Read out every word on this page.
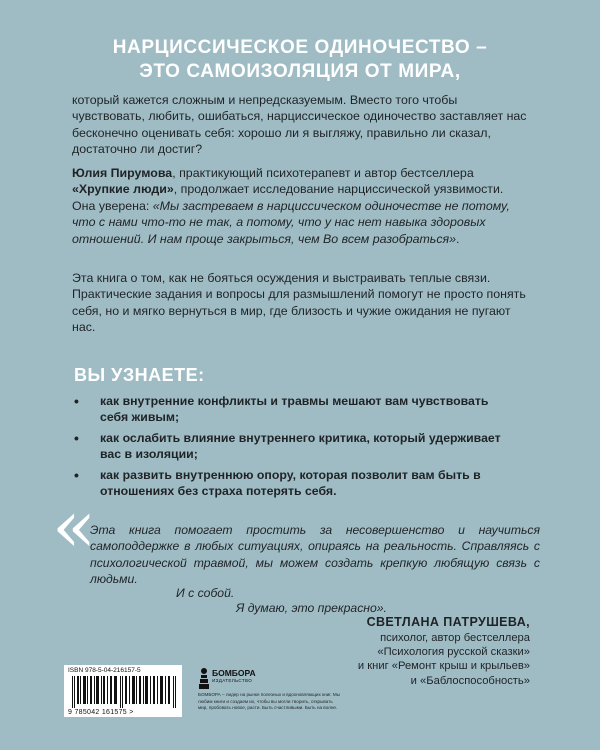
НАРЦИССИЧЕСКОЕ ОДИНОЧЕСТВО –
ЭТО САМОИЗОЛЯЦИЯ ОТ МИРА,
который кажется сложным и непредсказуемым. Вместо того чтобы чувствовать, любить, ошибаться, нарциссическое одиночество заставляет нас бесконечно оценивать себя: хорошо ли я выгляжу, правильно ли сказал, достаточно ли достиг?
Юлия Пирумова, практикующий психотерапевт и автор бестселлера «Хрупкие люди», продолжает исследование нарциссической уязвимости. Она уверена: «Мы застреваем в нарциссическом одиночестве не потому, что с нами что-то не так, а потому, что у нас нет навыка здоровых отношений. И нам проще закрыться, чем Во всем разобраться».
Эта книга о том, как не бояться осуждения и выстраивать теплые связи. Практические задания и вопросы для размышлений помогут не просто понять себя, но и мягко вернуться в мир, где близость и чужие ожидания не пугают нас.
ВЫ УЗНАЕТЕ:
• как внутренние конфликты и травмы мешают вам чувствовать себя живым;
• как ослабить влияние внутреннего критика, который удерживает вас в изоляции;
• как развить внутреннюю опору, которая позволит вам быть в отношениях без страха потерять себя.
«
Эта книга помогает простить за несовершенство и научиться самоподдержке в любых ситуациях, опираясь на реальность. Справляясь с психологической травмой, мы можем создать крепкую любящую связь с людьми.
И с собой.
Я думаю, это прекрасно».
СВЕТЛАНА ПАТРУШЕВА,
психолог, автор бестселлера
«Психология русской сказки»
и книг «Ремонт крыш и крыльев»
и «Баблоспособность»
ISBN 978-5-04-216157-5
9 785042 161575 >
БОМБОРА
ИЗДАТЕЛЬСТВО
БОМБОРА – лидер на рынке полезных и вдохновляющих книг. Мы любим книги и создаем их, чтобы вы могли творить, открывать мир, пробовать новое, расти. Быть счастливыми. Быть на волне.
